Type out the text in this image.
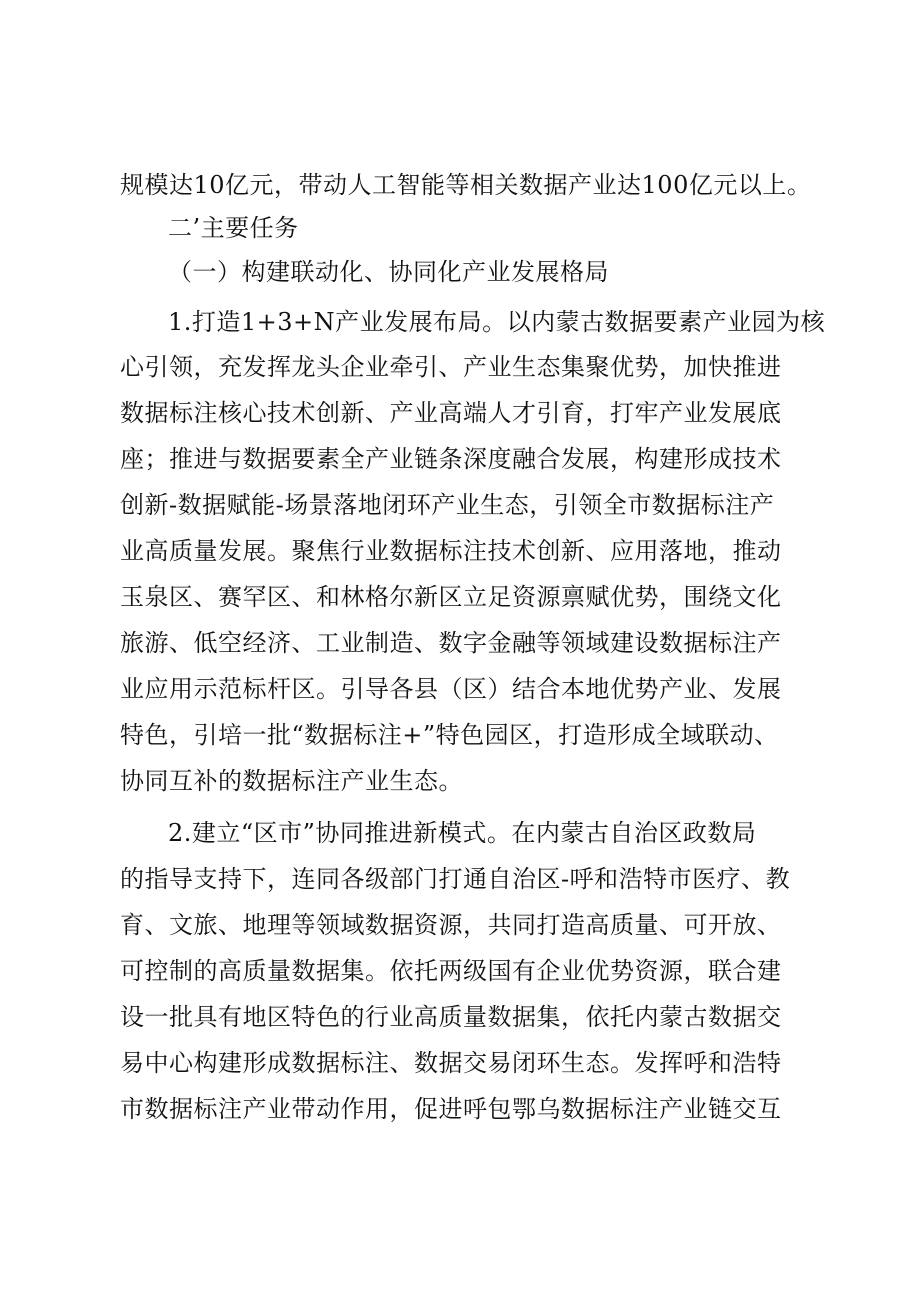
规模达10亿元，带动人工智能等相关数据产业达100亿元以上。
二’主要任务
（一）构建联动化、协同化产业发展格局
1.打造1+3+N产业发展布局。以内蒙古数据要素产业园为核
心引领，充发挥龙头企业牵引、产业生态集聚优势，加快推进
数据标注核心技术创新、产业高端人才引育，打牢产业发展底
座；推进与数据要素全产业链条深度融合发展，构建形成技术
创新-数据赋能-场景落地闭环产业生态，引领全市数据标注产
业高质量发展。聚焦行业数据标注技术创新、应用落地，推动
玉泉区、赛罕区、和林格尔新区立足资源禀赋优势，围绕文化
旅游、低空经济、工业制造、数字金融等领域建设数据标注产
业应用示范标杆区。引导各县（区）结合本地优势产业、发展
特色，引培一批“数据标注+”特色园区，打造形成全域联动、
协同互补的数据标注产业生态。
2.建立“区市”协同推进新模式。在内蒙古自治区政数局
的指导支持下，连同各级部门打通自治区-呼和浩特市医疗、教
育、文旅、地理等领域数据资源，共同打造高质量、可开放、
可控制的高质量数据集。依托两级国有企业优势资源，联合建
设一批具有地区特色的行业高质量数据集，依托内蒙古数据交
易中心构建形成数据标注、数据交易闭环生态。发挥呼和浩特
市数据标注产业带动作用，促进呼包鄂乌数据标注产业链交互
